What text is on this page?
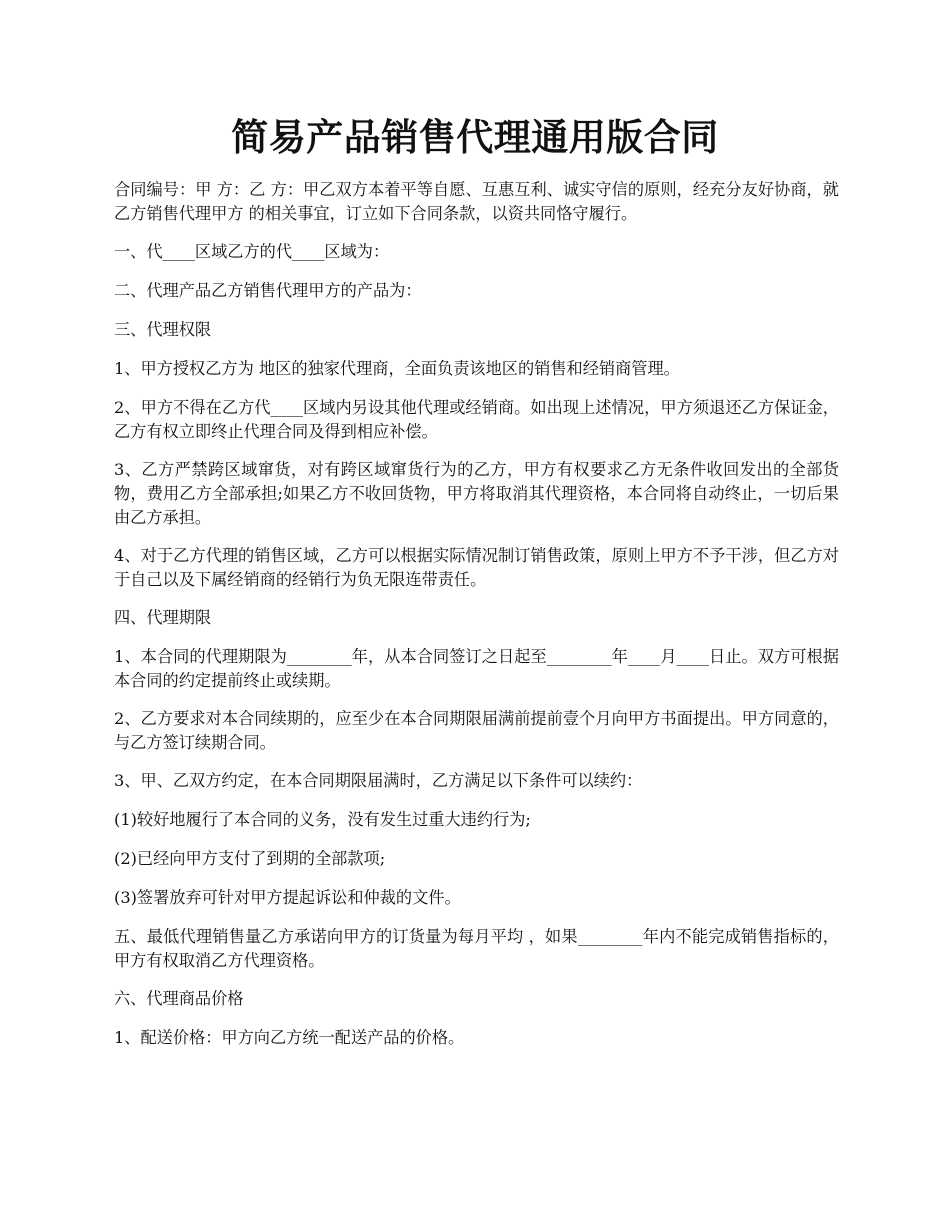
简易产品销售代理通用版合同

合同编号：甲 方：乙 方：甲乙双方本着平等自愿、互惠互利、诚实守信的原则，经充分友好协商，就乙方销售代理甲方 的相关事宜，订立如下合同条款，以资共同恪守履行。

一、代____区域乙方的代____区域为：

二、代理产品乙方销售代理甲方的产品为：

三、代理权限

1、甲方授权乙方为 地区的独家代理商，全面负责该地区的销售和经销商管理。

2、甲方不得在乙方代____区域内另设其他代理或经销商。如出现上述情况，甲方须退还乙方保证金，乙方有权立即终止代理合同及得到相应补偿。

3、乙方严禁跨区域窜货，对有跨区域窜货行为的乙方，甲方有权要求乙方无条件收回发出的全部货物，费用乙方全部承担;如果乙方不收回货物，甲方将取消其代理资格，本合同将自动终止，一切后果由乙方承担。

4、对于乙方代理的销售区域，乙方可以根据实际情况制订销售政策，原则上甲方不予干涉，但乙方对于自己以及下属经销商的经销行为负无限连带责任。

四、代理期限

1、本合同的代理期限为________年，从本合同签订之日起至________年____月____日止。双方可根据本合同的约定提前终止或续期。

2、乙方要求对本合同续期的，应至少在本合同期限届满前提前壹个月向甲方书面提出。甲方同意的，与乙方签订续期合同。

3、甲、乙双方约定，在本合同期限届满时，乙方满足以下条件可以续约：

(1)较好地履行了本合同的义务，没有发生过重大违约行为;

(2)已经向甲方支付了到期的全部款项;

(3)签署放弃可针对甲方提起诉讼和仲裁的文件。

五、最低代理销售量乙方承诺向甲方的订货量为每月平均 ，如果________年内不能完成销售指标的，甲方有权取消乙方代理资格。

六、代理商品价格

1、配送价格：甲方向乙方统一配送产品的价格。
